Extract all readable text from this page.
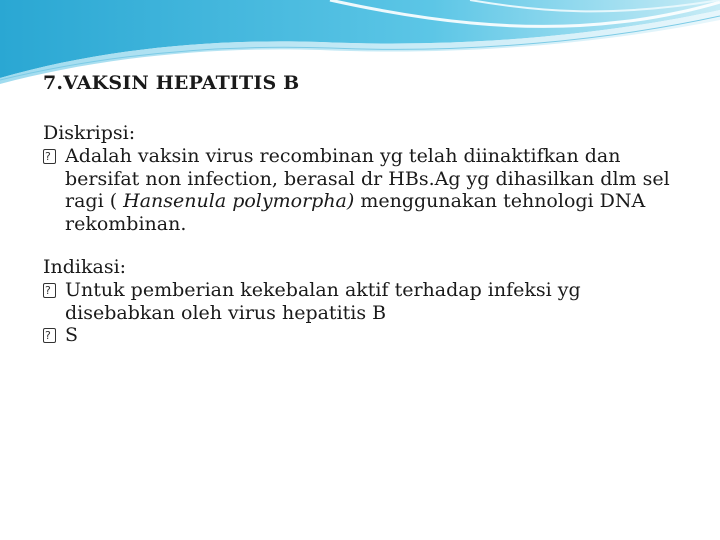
7.VAKSIN HEPATITIS B

Diskripsi:

?Adalah vaksin virus recombinan yg telah diinaktifkan dan bersifat non infection, berasal dr HBs.Ag yg dihasilkan dlm sel ragi ( Hansenula polymorpha) menggunakan tehnologi DNA rekombinan.

Indikasi:

?Untuk pemberian kekebalan aktif terhadap infeksi yg disebabkan oleh virus hepatitis B

?S
